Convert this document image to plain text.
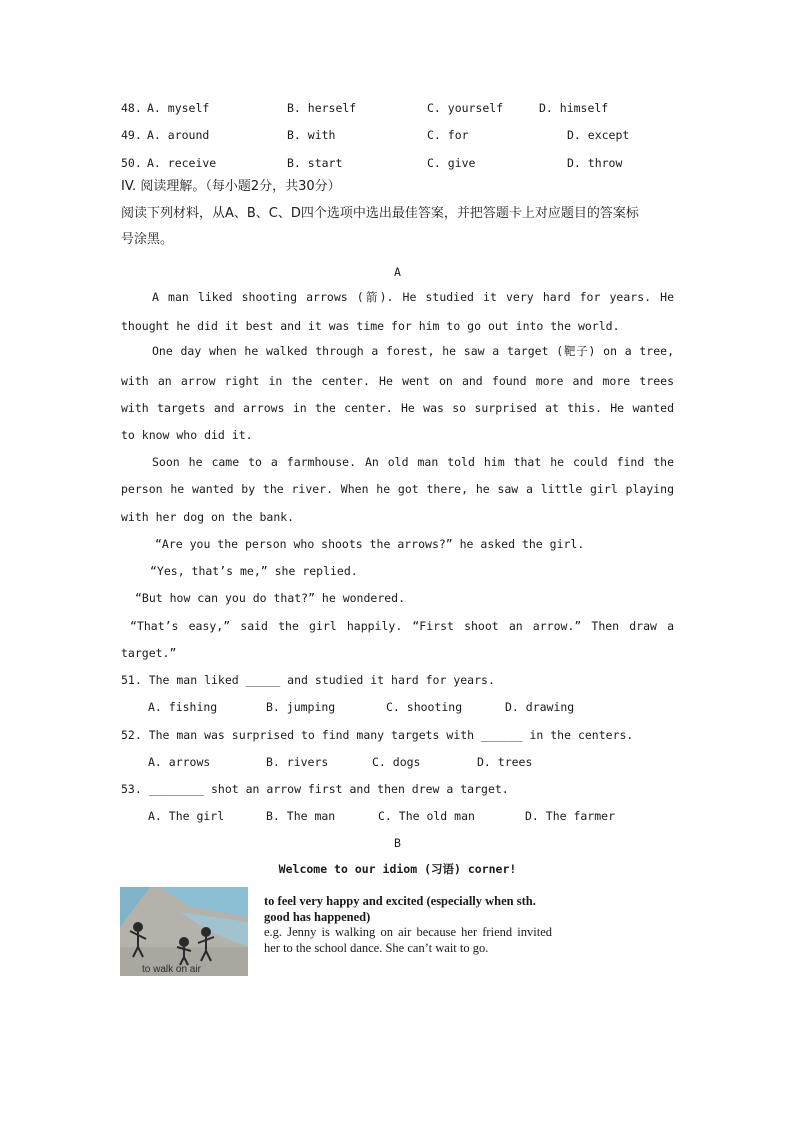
48. A. myself	B. herself	C. yourself	D. himself
49. A. around	B. with	C. for	D. except
50. A. receive	B. start	C. give	D. throw
IV. 阅读理解。（每小题2分，共30分）
阅读下列材料，从A、B、C、D四个选项中选出最佳答案，并把答题卡上对应题目的答案标
号涂黑。
A
A man liked shooting arrows (箭). He studied it very hard for years. He
thought he did it best and it was time for him to go out into the world.
One day when he walked through a forest, he saw a target (靶子) on a tree,
with an arrow right in the center. He went on and found more and more trees
with targets and arrows in the center. He was so surprised at this. He wanted
to know who did it.
Soon he came to a farmhouse. An old man told him that he could find the
person he wanted by the river. When he got there, he saw a little girl playing
with her dog on the bank.
“Are you the person who shoots the arrows?” he asked the girl.
“Yes, that’s me,” she replied.
“But how can you do that?” he wondered.
“That’s easy,” said the girl happily. “First shoot an arrow.” Then draw a
target.”
51. The man liked _____ and studied it hard for years.
A. fishing	B. jumping	C. shooting	D. drawing
52. The man was surprised to find many targets with ______ in the centers.
A. arrows	B. rivers	C. dogs	D. trees
53. ________ shot an arrow first and then drew a target.
A. The girl	B. The man	C. The old man	D. The farmer
B
Welcome to our idiom (习语) corner!
to walk on air
to feel very happy and excited (especially when sth. good has happened)
e.g. Jenny is walking on air because her friend invited her to the school dance. She can’t wait to go.
